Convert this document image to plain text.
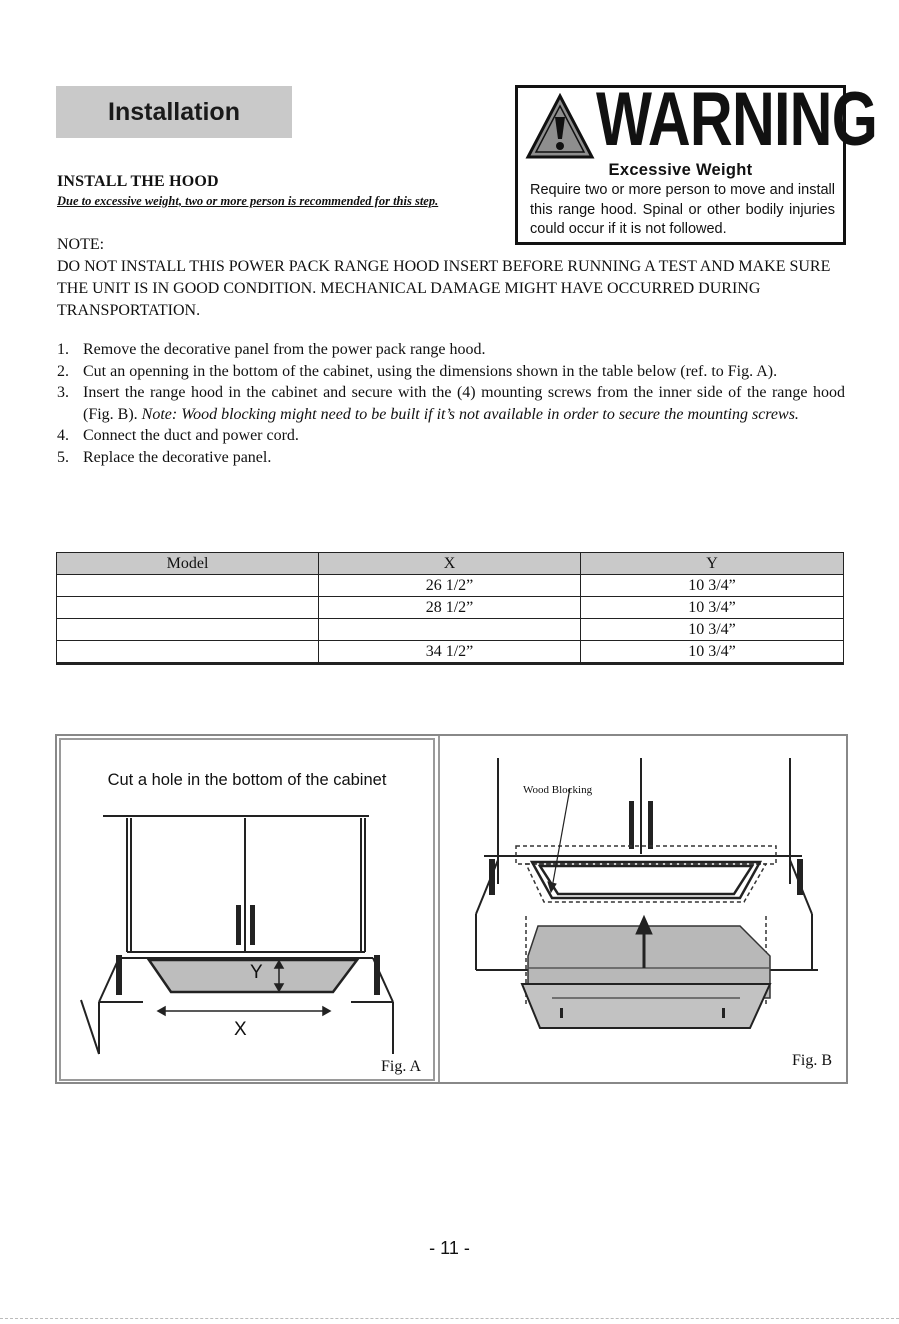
Installation
INSTALL THE HOOD
Due to excessive weight, two or more person is recommended for this step.
WARNING
Excessive Weight
Require two or more person to move and install this range hood. Spinal or other bodily injuries could occur if it is not followed.
NOTE:
DO NOT INSTALL THIS POWER PACK RANGE HOOD INSERT BEFORE RUNNING A TEST AND MAKE SURE THE UNIT IS IN GOOD CONDITION. MECHANICAL DAMAGE MIGHT HAVE OCCURRED DURING TRANSPORTATION.
1. Remove the decorative panel from the power pack range hood.
2. Cut an openning in the bottom of the cabinet, using the dimensions shown in the table below (ref. to Fig. A).
3. Insert the range hood in the cabinet and secure with the (4) mounting screws from the inner side of the range hood (Fig. B). Note: Wood blocking might need to be built if it’s not available in order to secure the mounting screws.
4. Connect the duct and power cord.
5. Replace the decorative panel.
Model	X	Y
	26 1/2”	10 3/4”
	28 1/2”	10 3/4”
		10 3/4”
	34 1/2”	10 3/4”
Cut a hole in the bottom of the cabinet
Y
X
Fig. A
Wood Blocking
Fig. B
- 11 -
